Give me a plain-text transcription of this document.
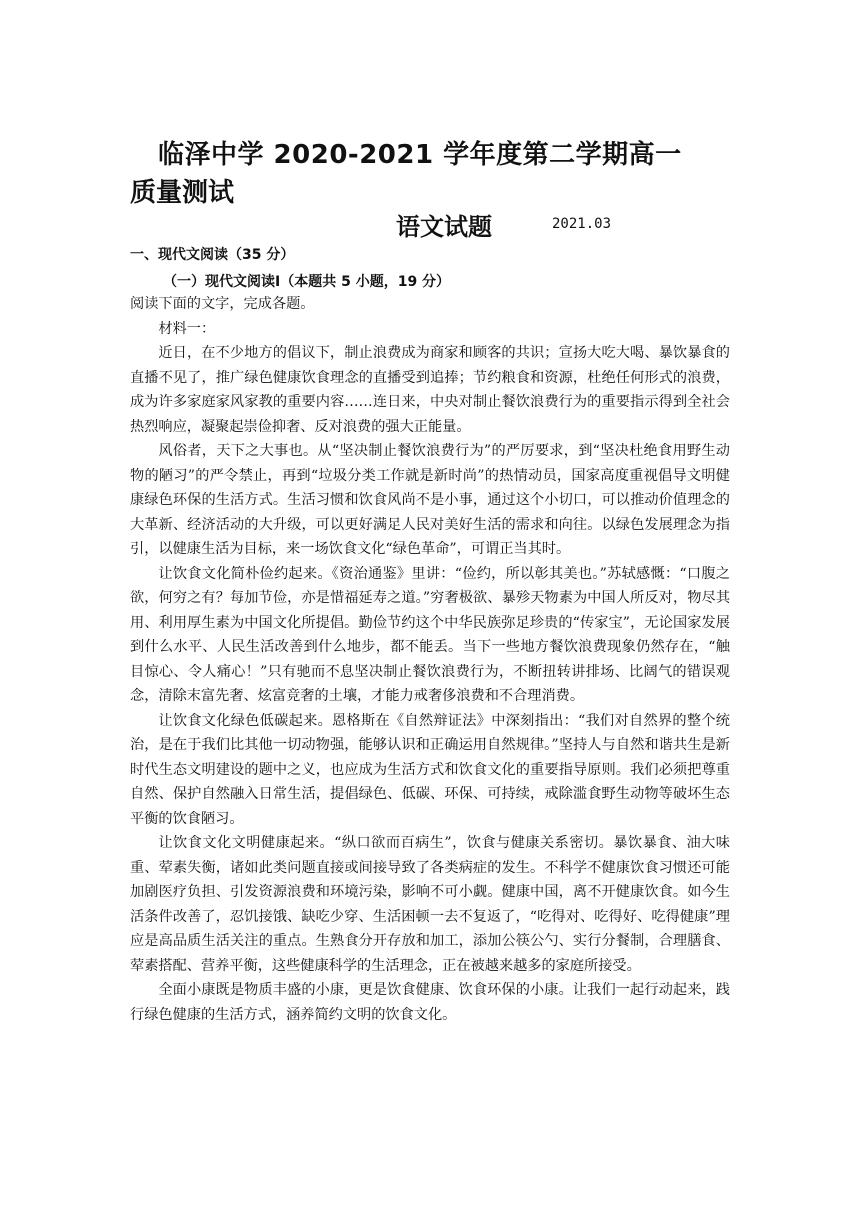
临泽中学 2020-2021 学年度第二学期高一
质量测试
语文试题	2021.03
一、现代文阅读（35 分）
（一）现代文阅读Ⅰ（本题共 5 小题，19 分）

阅读下面的文字，完成各题。

材料一：

近日，在不少地方的倡议下，制止浪费成为商家和顾客的共识；宣扬大吃大喝、暴饮暴食的直播不见了，推广绿色健康饮食理念的直播受到追捧；节约粮食和资源，杜绝任何形式的浪费，成为许多家庭家风家教的重要内容……连日来，中央对制止餐饮浪费行为的重要指示得到全社会热烈响应，凝聚起崇俭抑奢、反对浪费的强大正能量。

风俗者，天下之大事也。从“坚决制止餐饮浪费行为”的严厉要求，到“坚决杜绝食用野生动物的陋习”的严令禁止，再到“垃圾分类工作就是新时尚”的热情动员，国家高度重视倡导文明健康绿色环保的生活方式。生活习惯和饮食风尚不是小事，通过这个小切口，可以推动价值理念的大革新、经济活动的大升级，可以更好满足人民对美好生活的需求和向往。以绿色发展理念为指引，以健康生活为目标，来一场饮食文化“绿色革命”，可谓正当其时。

让饮食文化简朴俭约起来。《资治通鉴》里讲：“俭约，所以彰其美也。”苏轼感慨：“口腹之欲，何穷之有？每加节俭，亦是惜福延寿之道。”穷奢极欲、暴殄天物素为中国人所反对，物尽其用、利用厚生素为中国文化所提倡。勤俭节约这个中华民族弥足珍贵的“传家宝”，无论国家发展到什么水平、人民生活改善到什么地步，都不能丢。当下一些地方餐饮浪费现象仍然存在，“触目惊心、令人痛心！”只有驰而不息坚决制止餐饮浪费行为，不断扭转讲排场、比阔气的错误观念，清除末富先奢、炫富竞奢的土壤，才能力戒奢侈浪费和不合理消费。

让饮食文化绿色低碳起来。恩格斯在《自然辩证法》中深刻指出：“我们对自然界的整个统治，是在于我们比其他一切动物强，能够认识和正确运用自然规律。”坚持人与自然和谐共生是新时代生态文明建设的题中之义，也应成为生活方式和饮食文化的重要指导原则。我们必须把尊重自然、保护自然融入日常生活，提倡绿色、低碳、环保、可持续，戒除滥食野生动物等破坏生态平衡的饮食陋习。

让饮食文化文明健康起来。“纵口欲而百病生”，饮食与健康关系密切。暴饮暴食、油大味重、荤素失衡，诸如此类问题直接或间接导致了各类病症的发生。不科学不健康饮食习惯还可能加剧医疗负担、引发资源浪费和环境污染，影响不可小觑。健康中国，离不开健康饮食。如今生活条件改善了，忍饥接饿、缺吃少穿、生活困顿一去不复返了，“吃得对、吃得好、吃得健康”理应是高品质生活关注的重点。生熟食分开存放和加工，添加公筷公勺、实行分餐制，合理膳食、荤素搭配、营养平衡，这些健康科学的生活理念，正在被越来越多的家庭所接受。

全面小康既是物质丰盛的小康，更是饮食健康、饮食环保的小康。让我们一起行动起来，践行绿色健康的生活方式，涵养简约文明的饮食文化。
